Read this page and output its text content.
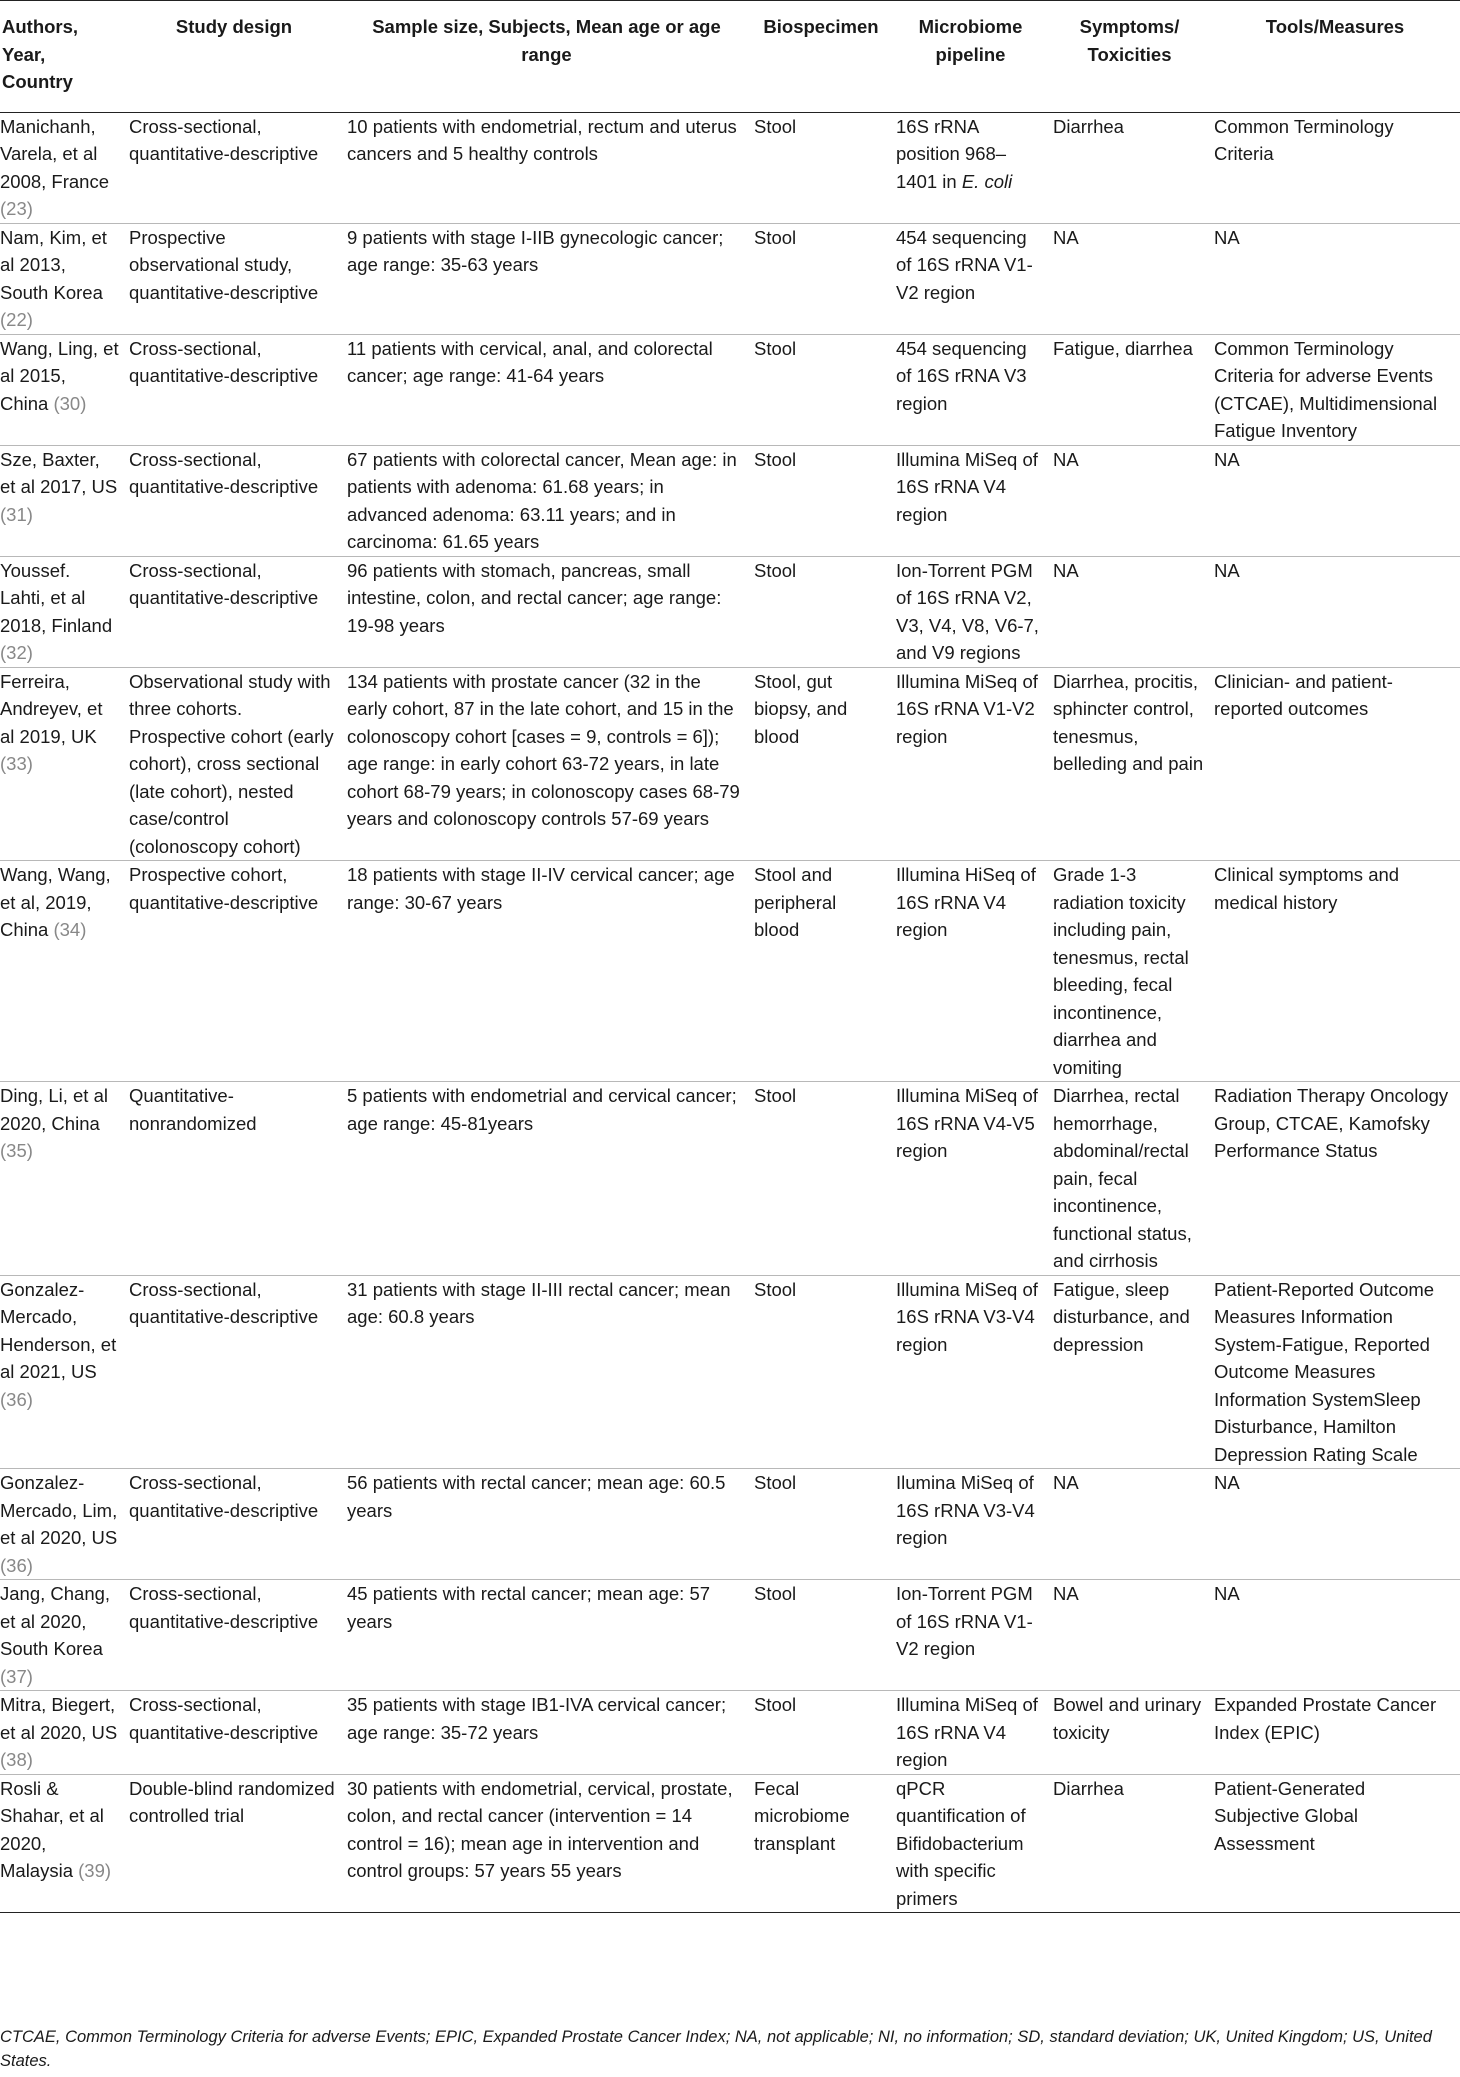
Authors, Year, Country	Study design	Sample size, Subjects, Mean age or age range	Biospecimen	Microbiome pipeline	Symptoms/ Toxicities	Tools/Measures
Manichanh, Varela, et al 2008, France (23)	Cross-sectional, quantitative-descriptive	10 patients with endometrial, rectum and uterus cancers and 5 healthy controls	Stool	16S rRNA position 968–1401 in E. coli	Diarrhea	Common Terminology Criteria
Nam, Kim, et al 2013, South Korea (22)	Prospective observational study, quantitative-descriptive	9 patients with stage I-IIB gynecologic cancer; age range: 35-63 years	Stool	454 sequencing of 16S rRNA V1-V2 region	NA	NA
Wang, Ling, et al 2015, China (30)	Cross-sectional, quantitative-descriptive	11 patients with cervical, anal, and colorectal cancer; age range: 41-64 years	Stool	454 sequencing of 16S rRNA V3 region	Fatigue, diarrhea	Common Terminology Criteria for adverse Events (CTCAE), Multidimensional Fatigue Inventory
Sze, Baxter, et al 2017, US (31)	Cross-sectional, quantitative-descriptive	67 patients with colorectal cancer, Mean age: in patients with adenoma: 61.68 years; in advanced adenoma: 63.11 years; and in carcinoma: 61.65 years	Stool	Illumina MiSeq of 16S rRNA V4 region	NA	NA
Youssef. Lahti, et al 2018, Finland (32)	Cross-sectional, quantitative-descriptive	96 patients with stomach, pancreas, small intestine, colon, and rectal cancer; age range: 19-98 years	Stool	Ion-Torrent PGM of 16S rRNA V2, V3, V4, V8, V6-7, and V9 regions	NA	NA
Ferreira, Andreyev, et al 2019, UK (33)	Observational study with three cohorts. Prospective cohort (early cohort), cross sectional (late cohort), nested case/control (colonoscopy cohort)	134 patients with prostate cancer (32 in the early cohort, 87 in the late cohort, and 15 in the colonoscopy cohort [cases = 9, controls = 6]); age range: in early cohort 63-72 years, in late cohort 68-79 years; in colonoscopy cases 68-79 years and colonoscopy controls 57-69 years	Stool, gut biopsy, and blood	Illumina MiSeq of 16S rRNA V1-V2 region	Diarrhea, procitis, sphincter control, tenesmus, belleding and pain	Clinician- and patient-reported outcomes
Wang, Wang, et al, 2019, China (34)	Prospective cohort, quantitative-descriptive	18 patients with stage II-IV cervical cancer; age range: 30-67 years	Stool and peripheral blood	Illumina HiSeq of 16S rRNA V4 region	Grade 1-3 radiation toxicity including pain, tenesmus, rectal bleeding, fecal incontinence, diarrhea and vomiting	Clinical symptoms and medical history
Ding, Li, et al 2020, China (35)	Quantitative-nonrandomized	5 patients with endometrial and cervical cancer; age range: 45-81years	Stool	Illumina MiSeq of 16S rRNA V4-V5 region	Diarrhea, rectal hemorrhage, abdominal/rectal pain, fecal incontinence, functional status, and cirrhosis	Radiation Therapy Oncology Group, CTCAE, Kamofsky Performance Status
Gonzalez-Mercado, Henderson, et al 2021, US (36)	Cross-sectional, quantitative-descriptive	31 patients with stage II-III rectal cancer; mean age: 60.8 years	Stool	Illumina MiSeq of 16S rRNA V3-V4 region	Fatigue, sleep disturbance, and depression	Patient-Reported Outcome Measures Information System-Fatigue, Reported Outcome Measures Information SystemSleep Disturbance, Hamilton Depression Rating Scale
Gonzalez-Mercado, Lim, et al 2020, US (36)	Cross-sectional, quantitative-descriptive	56 patients with rectal cancer; mean age: 60.5 years	Stool	Ilumina MiSeq of 16S rRNA V3-V4 region	NA	NA
Jang, Chang, et al 2020, South Korea (37)	Cross-sectional, quantitative-descriptive	45 patients with rectal cancer; mean age: 57 years	Stool	Ion-Torrent PGM of 16S rRNA V1-V2 region	NA	NA
Mitra, Biegert, et al 2020, US (38)	Cross-sectional, quantitative-descriptive	35 patients with stage IB1-IVA cervical cancer; age range: 35-72 years	Stool	Illumina MiSeq of 16S rRNA V4 region	Bowel and urinary toxicity	Expanded Prostate Cancer Index (EPIC)
Rosli & Shahar, et al 2020, Malaysia (39)	Double-blind randomized controlled trial	30 patients with endometrial, cervical, prostate, colon, and rectal cancer (intervention = 14 control = 16); mean age in intervention and control groups: 57 years 55 years	Fecal microbiome transplant	qPCR quantification of Bifidobacterium with specific primers	Diarrhea	Patient-Generated Subjective Global Assessment
CTCAE, Common Terminology Criteria for adverse Events; EPIC, Expanded Prostate Cancer Index; NA, not applicable; NI, no information; SD, standard deviation; UK, United Kingdom; US, United States.
